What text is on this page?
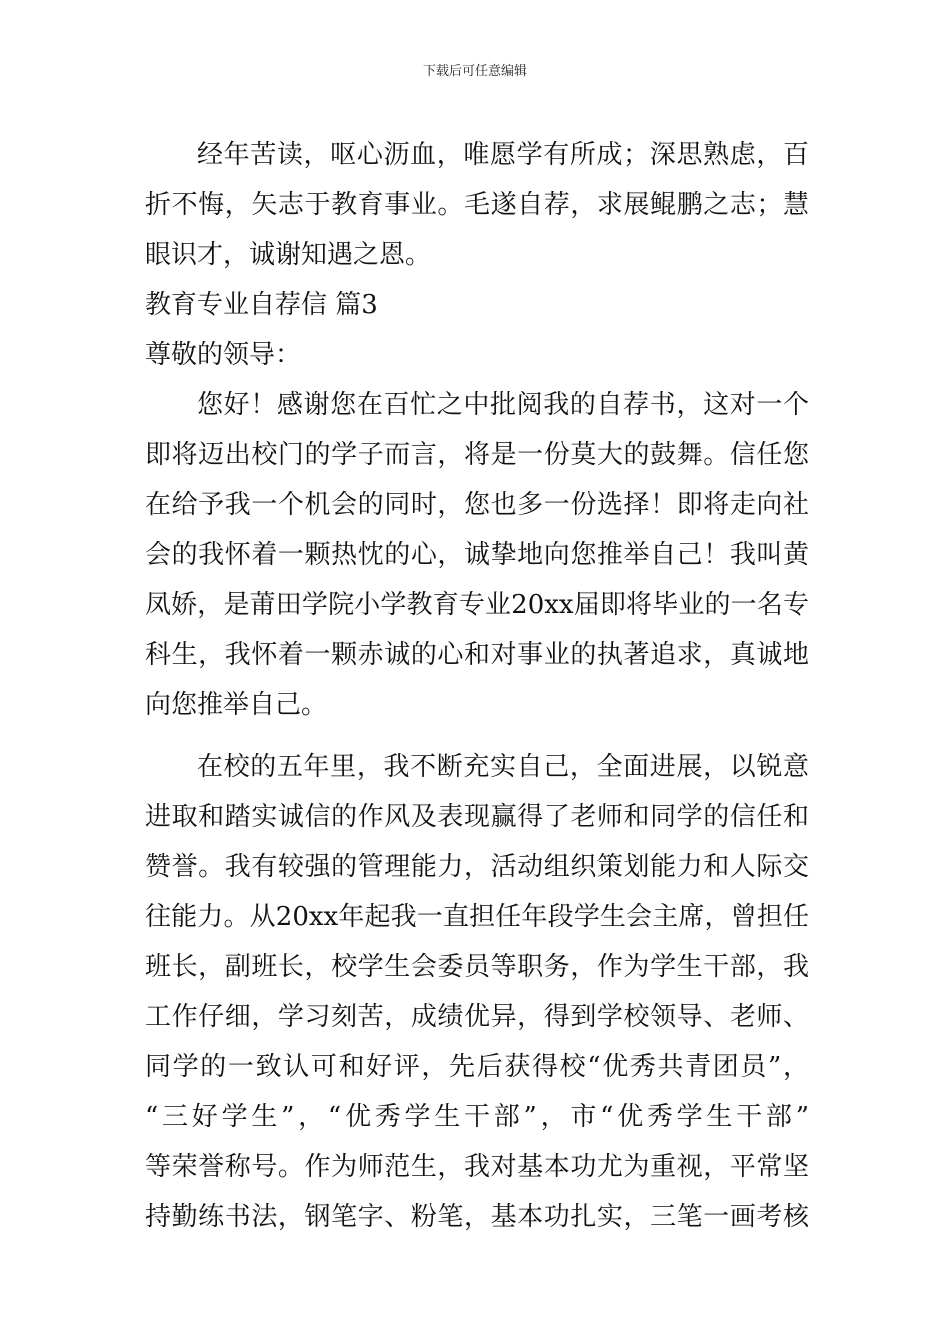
下载后可任意编辑
经年苦读，呕心沥血，唯愿学有所成；深思熟虑，百
折不悔，矢志于教育事业。毛遂自荐，求展鲲鹏之志；慧
眼识才，诚谢知遇之恩。
教育专业自荐信 篇3
尊敬的领导：
您好！感谢您在百忙之中批阅我的自荐书，这对一个
即将迈出校门的学子而言，将是一份莫大的鼓舞。信任您
在给予我一个机会的同时，您也多一份选择！即将走向社
会的我怀着一颗热忱的心，诚挚地向您推举自己！我叫黄
凤娇，是莆田学院小学教育专业20xx届即将毕业的一名专
科生，我怀着一颗赤诚的心和对事业的执著追求，真诚地
向您推举自己。
在校的五年里，我不断充实自己，全面进展，以锐意
进取和踏实诚信的作风及表现赢得了老师和同学的信任和
赞誉。我有较强的管理能力，活动组织策划能力和人际交
往能力。从20xx年起我一直担任年段学生会主席，曾担任
班长，副班长，校学生会委员等职务，作为学生干部，我
工作仔细，学习刻苦，成绩优异，得到学校领导、老师、
同学的一致认可和好评，先后获得校“优秀共青团员”，
“三好学生”，“优秀学生干部”，市“优秀学生干部”
等荣誉称号。作为师范生，我对基本功尤为重视，平常坚
持勤练书法，钢笔字、粉笔，基本功扎实，三笔一画考核
